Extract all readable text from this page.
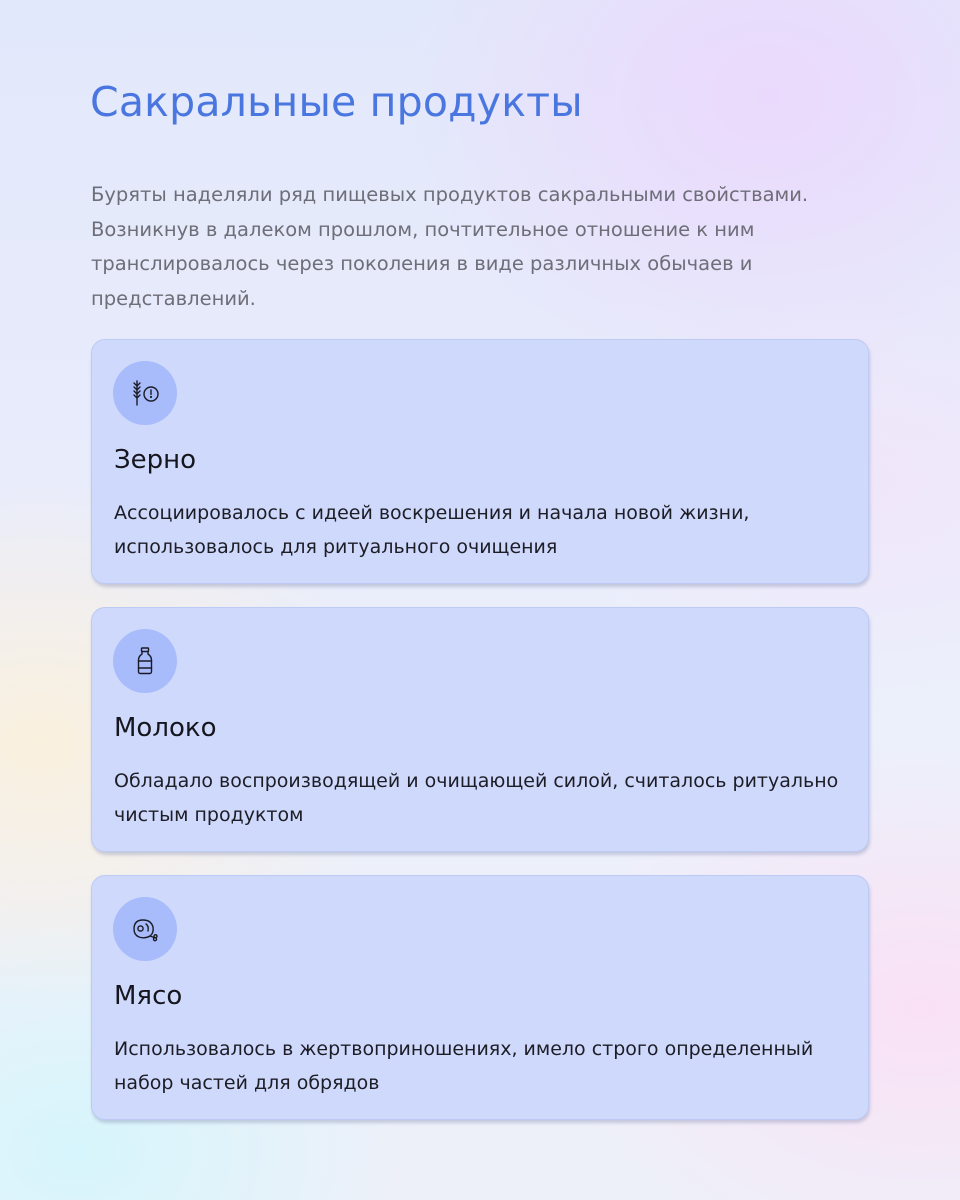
Сакральные продукты

Буряты наделяли ряд пищевых продуктов сакральными свойствами. Возникнув в далеком прошлом, почтительное отношение к ним транслировалось через поколения в виде различных обычаев и представлений.

Зерно

Ассоциировалось с идеей воскрешения и начала новой жизни, использовалось для ритуального очищения

Молоко

Обладало воспроизводящей и очищающей силой, считалось ритуально чистым продуктом

Мясо

Использовалось в жертвоприношениях, имело строго определенный набор частей для обрядов
